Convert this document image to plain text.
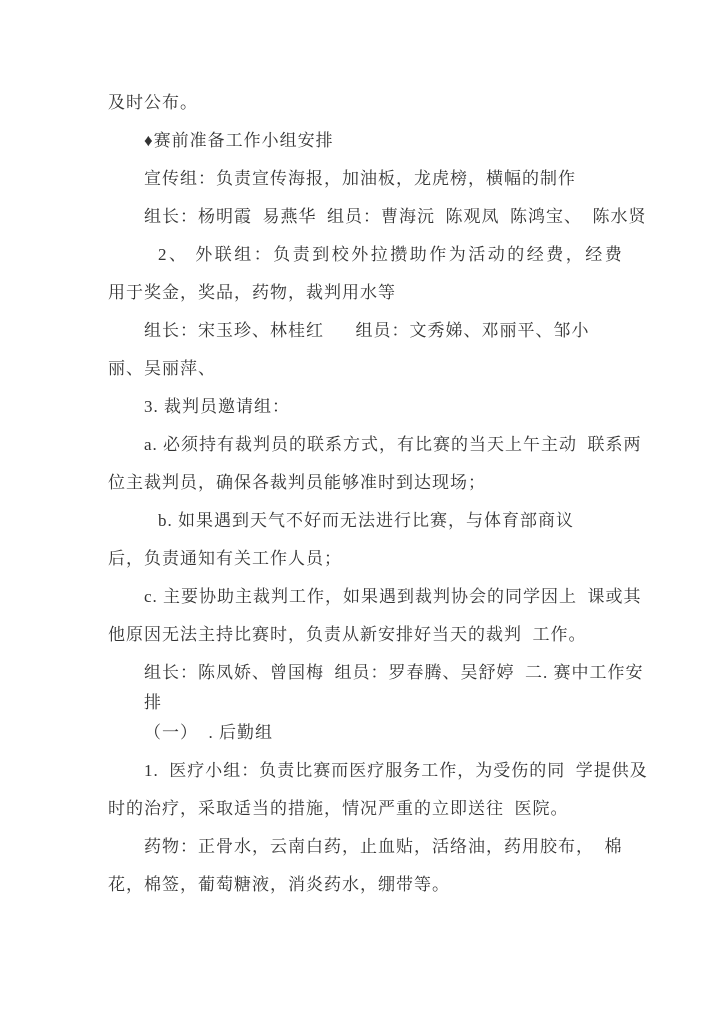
及时公布。
♦赛前准备工作小组安排
宣传组：负责宣传海报，加油板，龙虎榜，横幅的制作
组长：杨明霞  易燕华  组员：曹海沅  陈观凤  陈鸿宝、  陈水贤
2、 外联组：负责到校外拉攒助作为活动的经费，经费
用于奖金，奖品，药物，裁判用水等
组长：宋玉珍、林桂红      组员：文秀娣、邓丽平、邹小
丽、吴丽萍、
3. 裁判员邀请组：
a. 必须持有裁判员的联系方式，有比赛的当天上午主动  联系两
位主裁判员，确保各裁判员能够准时到达现场；
b. 如果遇到天气不好而无法进行比赛，与体育部商议
后，负责通知有关工作人员；
c. 主要协助主裁判工作，如果遇到裁判协会的同学因上  课或其
他原因无法主持比赛时，负责从新安排好当天的裁判  工作。
组长：陈凤娇、曾国梅  组员：罗春腾、吴舒婷  二. 赛中工作安
排
（一）  . 后勤组
1.  医疗小组：负责比赛而医疗服务工作，为受伤的同  学提供及
时的治疗，采取适当的措施，情况严重的立即送往  医院。
药物：正骨水，云南白药，止血贴，活络油，药用胶布，  棉
花，棉签，葡萄糖液，消炎药水，绷带等。
